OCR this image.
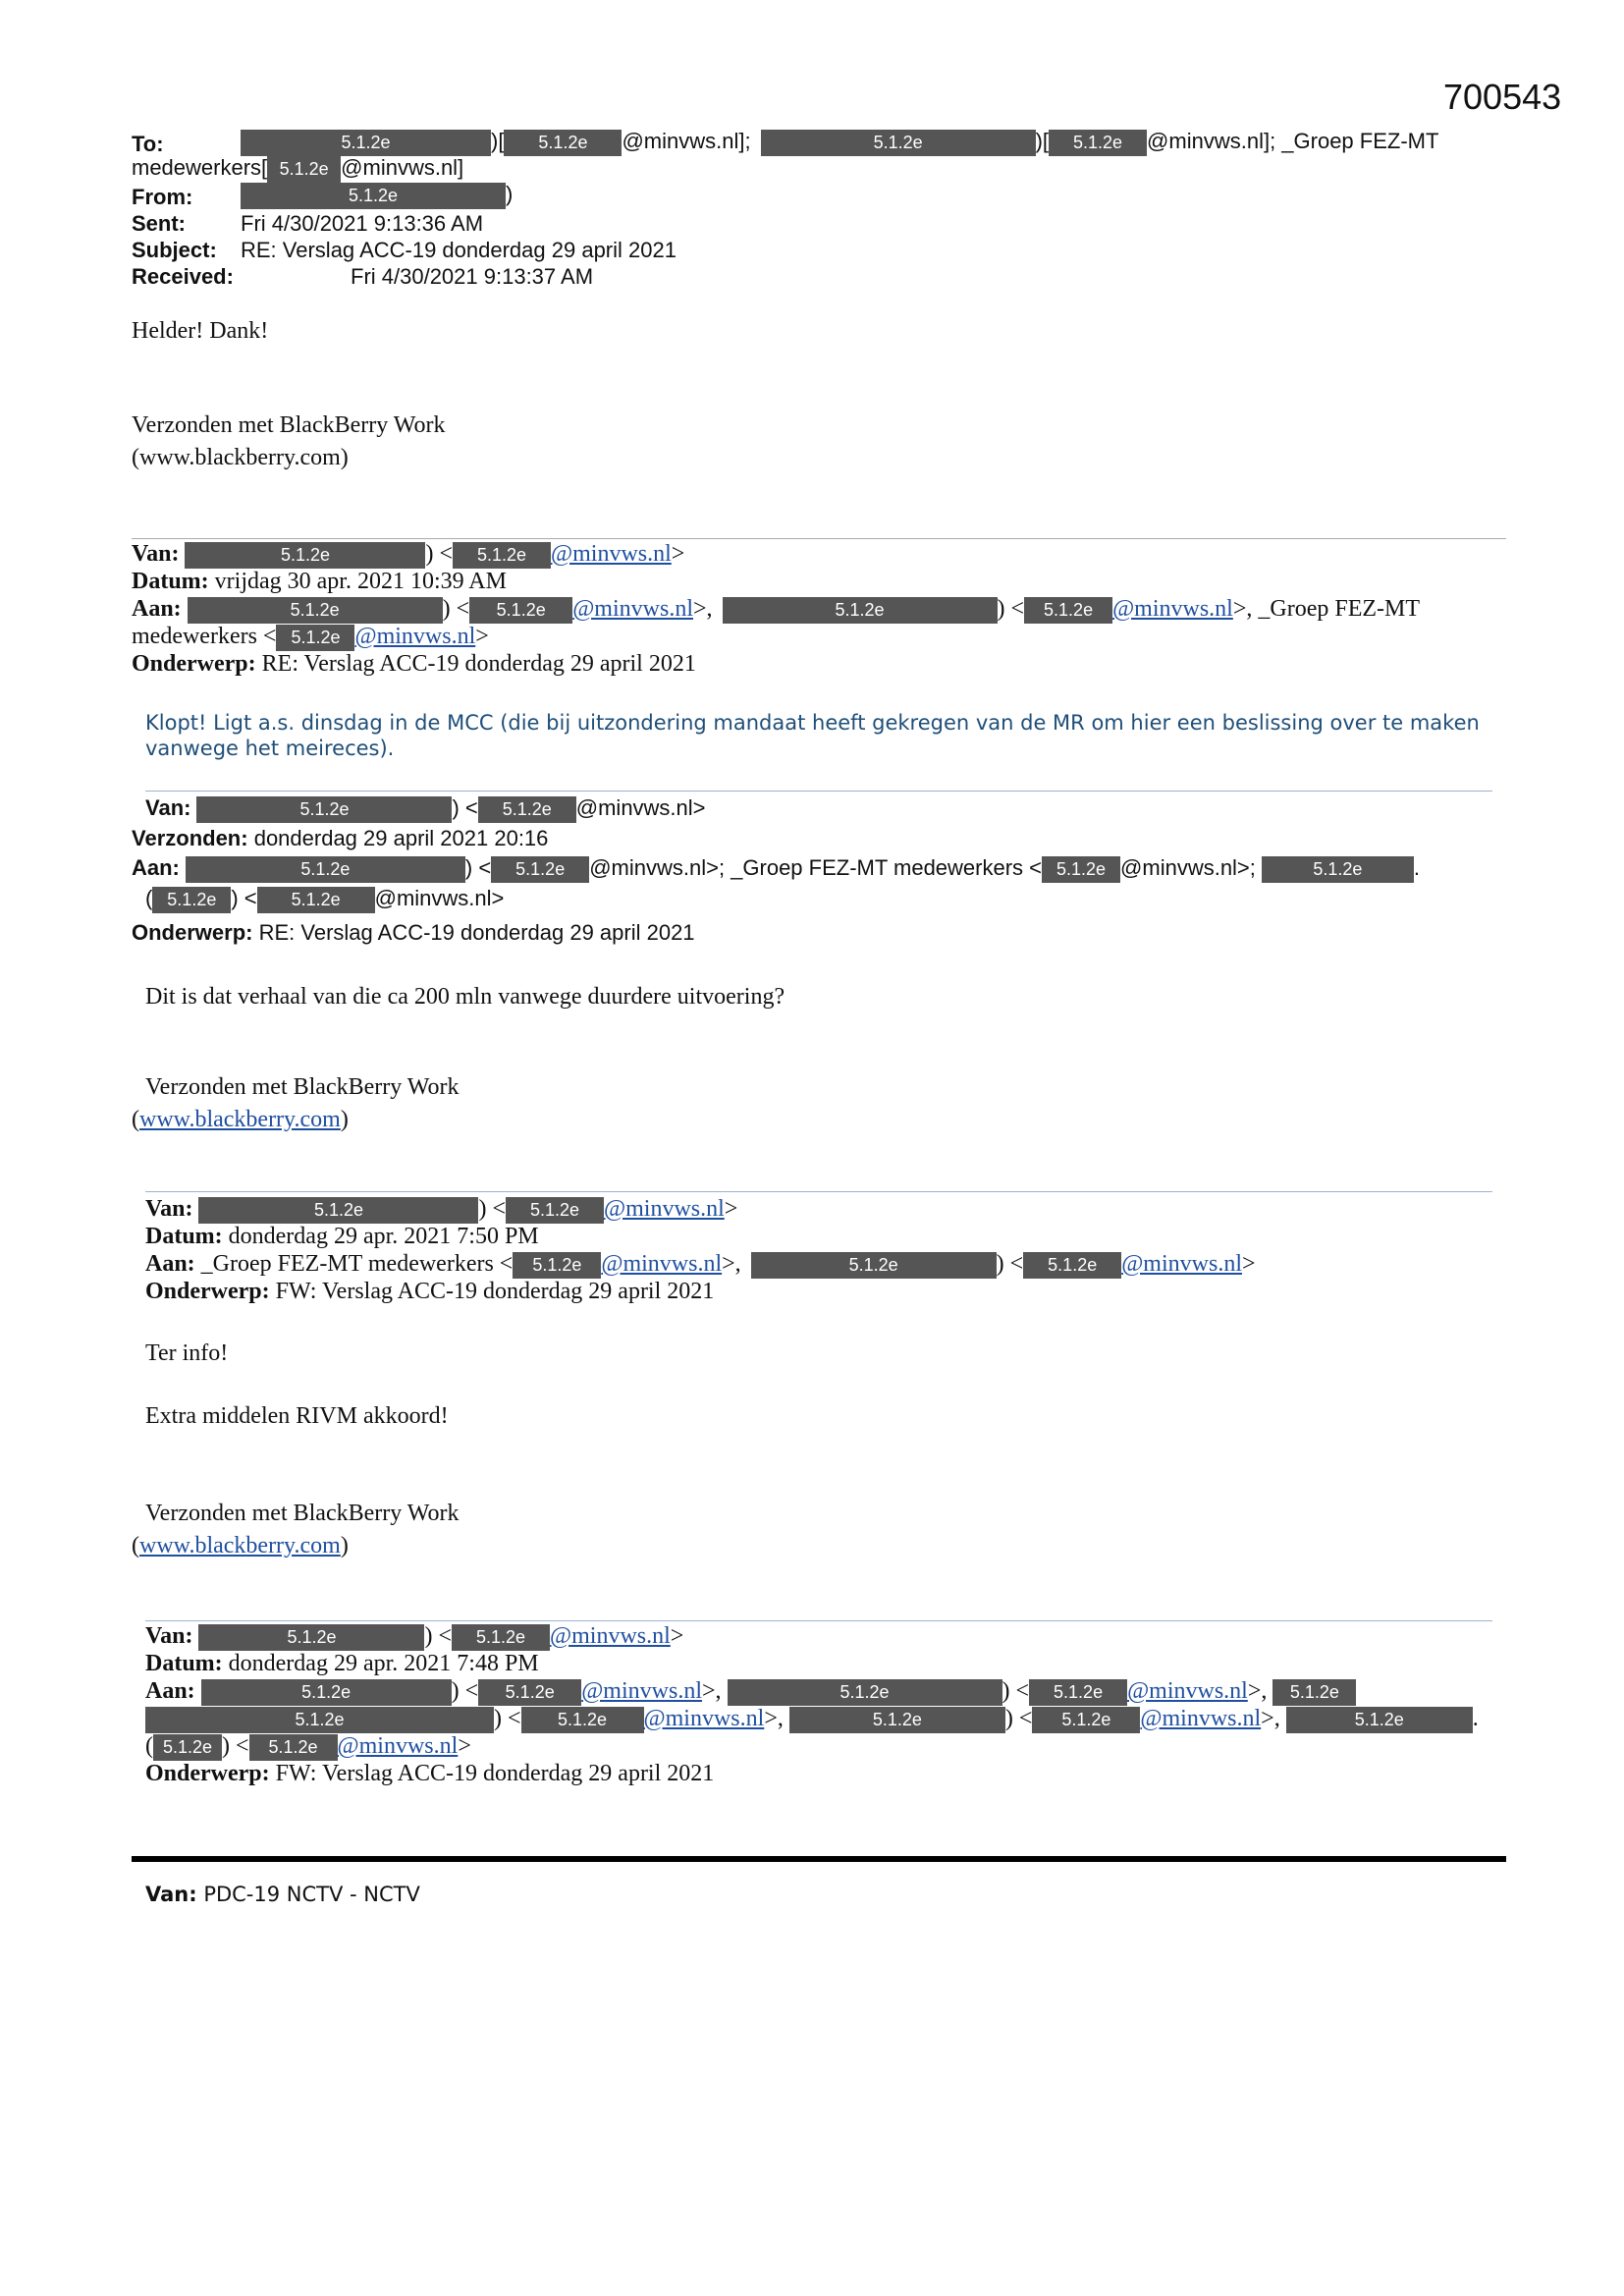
700543
To:	5.1.2e	)[ 5.1.2e @minvws.nl];	5.1.2e	)[ 5.1.2e @minvws.nl]; _Groep FEZ-MT
medewerkers[ 5.1.2e @minvws.nl]
From:	5.1.2e	)
Sent:	Fri 4/30/2021 9:13:36 AM
Subject: RE: Verslag ACC-19 donderdag 29 april 2021
Received:	Fri 4/30/2021 9:13:37 AM
Helder! Dank!
Verzonden met BlackBerry Work
(www.blackberry.com)
Van:	5.1.2e	) < 5.1.2e @minvws.nl>
Datum: vrijdag 30 apr. 2021 10:39 AM
Aan:	5.1.2e	) < 5.1.2e @minvws.nl>,	5.1.2e	) < 5.1.2e @minvws.nl>, _Groep FEZ-MT
medewerkers < 5.1.2e @minvws.nl>
Onderwerp: RE: Verslag ACC-19 donderdag 29 april 2021
Klopt! Ligt a.s. dinsdag in de MCC (die bij uitzondering mandaat heeft gekregen van de MR om hier een beslissing over te maken
vanwege het meireces).
Van:	5.1.2e	) < 5.1.2e @minvws.nl>
Verzonden: donderdag 29 april 2021 20:16
Aan:	5.1.2e	) < 5.1.2e @minvws.nl>; _Groep FEZ-MT medewerkers < 5.1.2e @minvws.nl>;	5.1.2e .
( 5.1.2e ) < 5.1.2e @minvws.nl>
Onderwerp: RE: Verslag ACC-19 donderdag 29 april 2021
Dit is dat verhaal van die ca 200 mln vanwege duurdere uitvoering?
Verzonden met BlackBerry Work
(www.blackberry.com)
Van:	5.1.2e	) < 5.1.2e @minvws.nl>
Datum: donderdag 29 apr. 2021 7:50 PM
Aan: _Groep FEZ-MT medewerkers < 5.1.2e @minvws.nl>,	5.1.2e	) < 5.1.2e @minvws.nl>
Onderwerp: FW: Verslag ACC-19 donderdag 29 april 2021
Ter info!
Extra middelen RIVM akkoord!
Verzonden met BlackBerry Work
(www.blackberry.com)
Van:	5.1.2e	) < 5.1.2e @minvws.nl>
Datum: donderdag 29 apr. 2021 7:48 PM
Aan:	5.1.2e	) < 5.1.2e @minvws.nl>,	5.1.2e	) < 5.1.2e @minvws.nl>, 5.1.2e
5.1.2e	) < 5.1.2e @minvws.nl>,	5.1.2e	) < 5.1.2e @minvws.nl>,	5.1.2e	.
( 5.1.2e ) < 5.1.2e @minvws.nl>
Onderwerp: FW: Verslag ACC-19 donderdag 29 april 2021
Van: PDC-19 NCTV - NCTV
